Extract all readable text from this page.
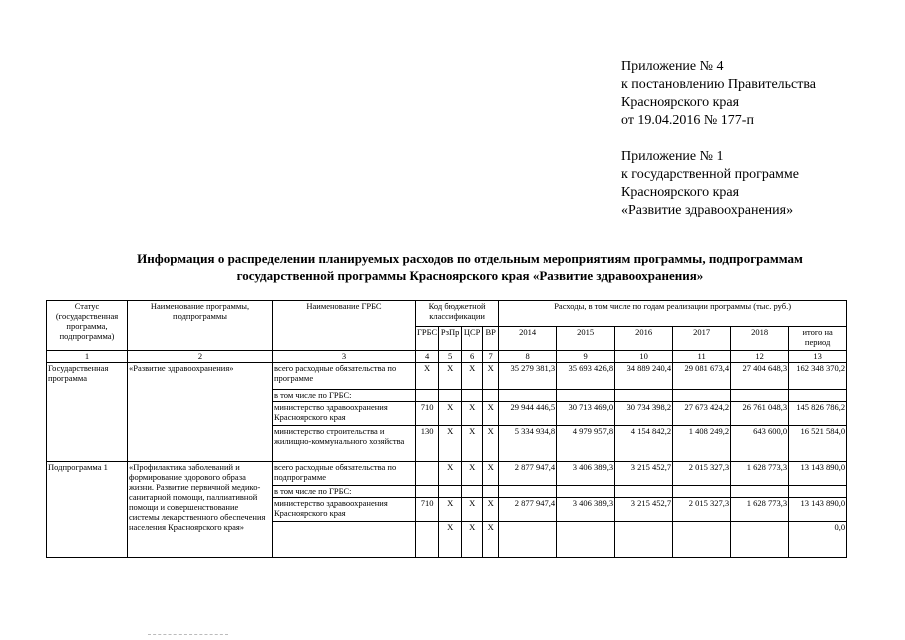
Приложение № 4
к постановлению Правительства
Красноярского края
от 19.04.2016 № 177-п
Приложение № 1
к государственной программе
Красноярского края
«Развитие здравоохранения»
Информация о распределении планируемых расходов по отдельным мероприятиям программы, подпрограммам
государственной программы Красноярского края «Развитие здравоохранения»
Статус (государственная программа, подпрограмма)	Наименование программы, подпрограммы	Наименование ГРБС	Код бюджетной классификации				Расходы, в том числе по годам реализации программы (тыс. руб.)					
			ГРБС	РзПр	ЦСР	ВР	2014	2015	2016	2017	2018	итого на период
1	2	3	4	5	6	7	8	9	10	11	12	13
Государственная программа	«Развитие здравоохранения»	всего расходные обязательства по программе	X	X	X	X	35 279 381,3	35 693 426,8	34 889 240,4	29 081 673,4	27 404 648,3	162 348 370,2
		в том числе по ГРБС:										
		министерство здравоохранения Красноярского края	710	X	X	X	29 944 446,5	30 713 469,0	30 734 398,2	27 673 424,2	26 761 048,3	145 826 786,2
		министерство строительства и жилищно-коммунального хозяйства	130	X	X	X	5 334 934,8	4 979 957,8	4 154 842,2	1 408 249,2	643 600,0	16 521 584,0
Подпрограмма 1	«Профилактика заболеваний и формирование здорового образа жизни. Развитие первичной медико-санитарной помощи, паллиативной помощи и совершенствование системы лекарственного обеспечения населения Красноярского края»	всего расходные обязательства по подпрограмме		X	X	X	2 877 947,4	3 406 389,3	3 215 452,7	2 015 327,3	1 628 773,3	13 143 890,0
		в том числе по ГРБС:										
		министерство здравоохранения Красноярского края	710	X	X	X	2 877 947,4	3 406 389,3	3 215 452,7	2 015 327,3	1 628 773,3	13 143 890,0
				X	X	X						0,0
